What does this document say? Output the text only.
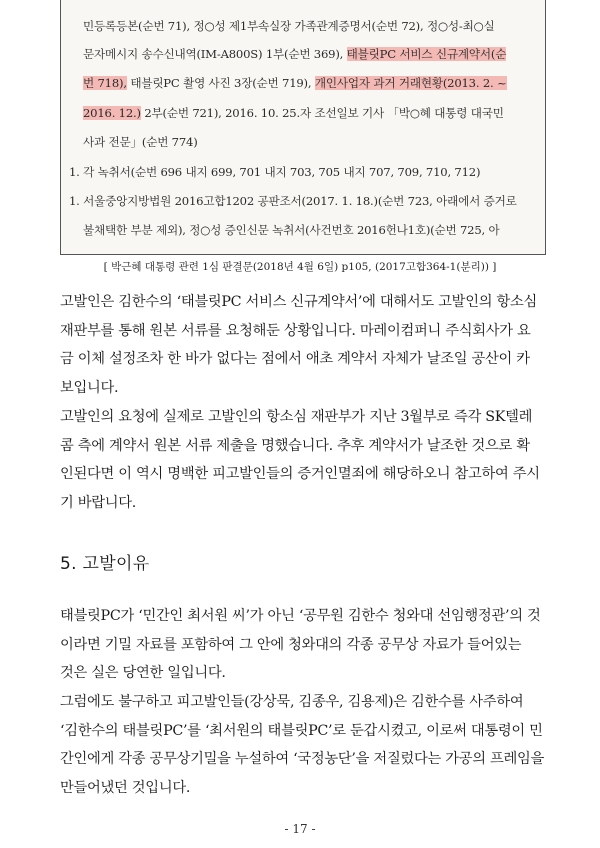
민등록등본(순번 71), 정○성 제1부속실장 가족관계증명서(순번 72), 정○성-최○실
문자메시지 송수신내역(IM-A800S) 1부(순번 369), 태블릿PC 서비스 신규계약서(순
번 718), 태블릿PC 촬영 사진 3장(순번 719), 개인사업자 과거 거래현황(2013. 2. ~
2016. 12.) 2부(순번 721), 2016. 10. 25.자 조선일보 기사 「박○혜 대통령 대국민
사과 전문」(순번 774)
1. 각 녹취서(순번 696 내지 699, 701 내지 703, 705 내지 707, 709, 710, 712)
1. 서울중앙지방법원 2016고합1202 공판조서(2017. 1. 18.)(순번 723, 아래에서 증거로
불채택한 부분 제외), 정○성 증인신문 녹취서(사건번호 2016헌나1호)(순번 725, 아
[ 박근혜 대통령 관련 1심 판결문(2018년 4월 6일) p105, (2017고합364-1(분리)) ]

고발인은 김한수의 ‘태블릿PC 서비스 신규계약서’에 대해서도 고발인의 항소심
재판부를 통해 원본 서류를 요청해둔 상황입니다. 마레이컴퍼니 주식회사가 요
금 이체 설정조차 한 바가 없다는 점에서 애초 계약서 자체가 날조일 공산이 카
보입니다.

고발인의 요청에 실제로 고발인의 항소심 재판부가 지난 3월부로 즉각 SK텔레
콤 측에 계약서 원본 서류 제출을 명했습니다. 추후 계약서가 날조한 것으로 확
인된다면 이 역시 명백한 피고발인들의 증거인멸죄에 해당하오니 참고하여 주시
기 바랍니다.

5. 고발이유

태블릿PC가 ‘민간인 최서원 씨’가 아닌 ‘공무원 김한수 청와대 선임행정관’의 것
이라면 기밀 자료를 포함하여 그 안에 청와대의 각종 공무상 자료가 들어있는
것은 실은 당연한 일입니다.

그럼에도 불구하고 피고발인들(강상묵, 김종우, 김용제)은 김한수를 사주하여
‘김한수의 태블릿PC’를 ‘최서원의 태블릿PC’로 둔갑시켰고, 이로써 대통령이 민
간인에게 각종 공무상기밀을 누설하여 ‘국정농단’을 저질렀다는 가공의 프레임을
만들어냈던 것입니다.

- 17 -
